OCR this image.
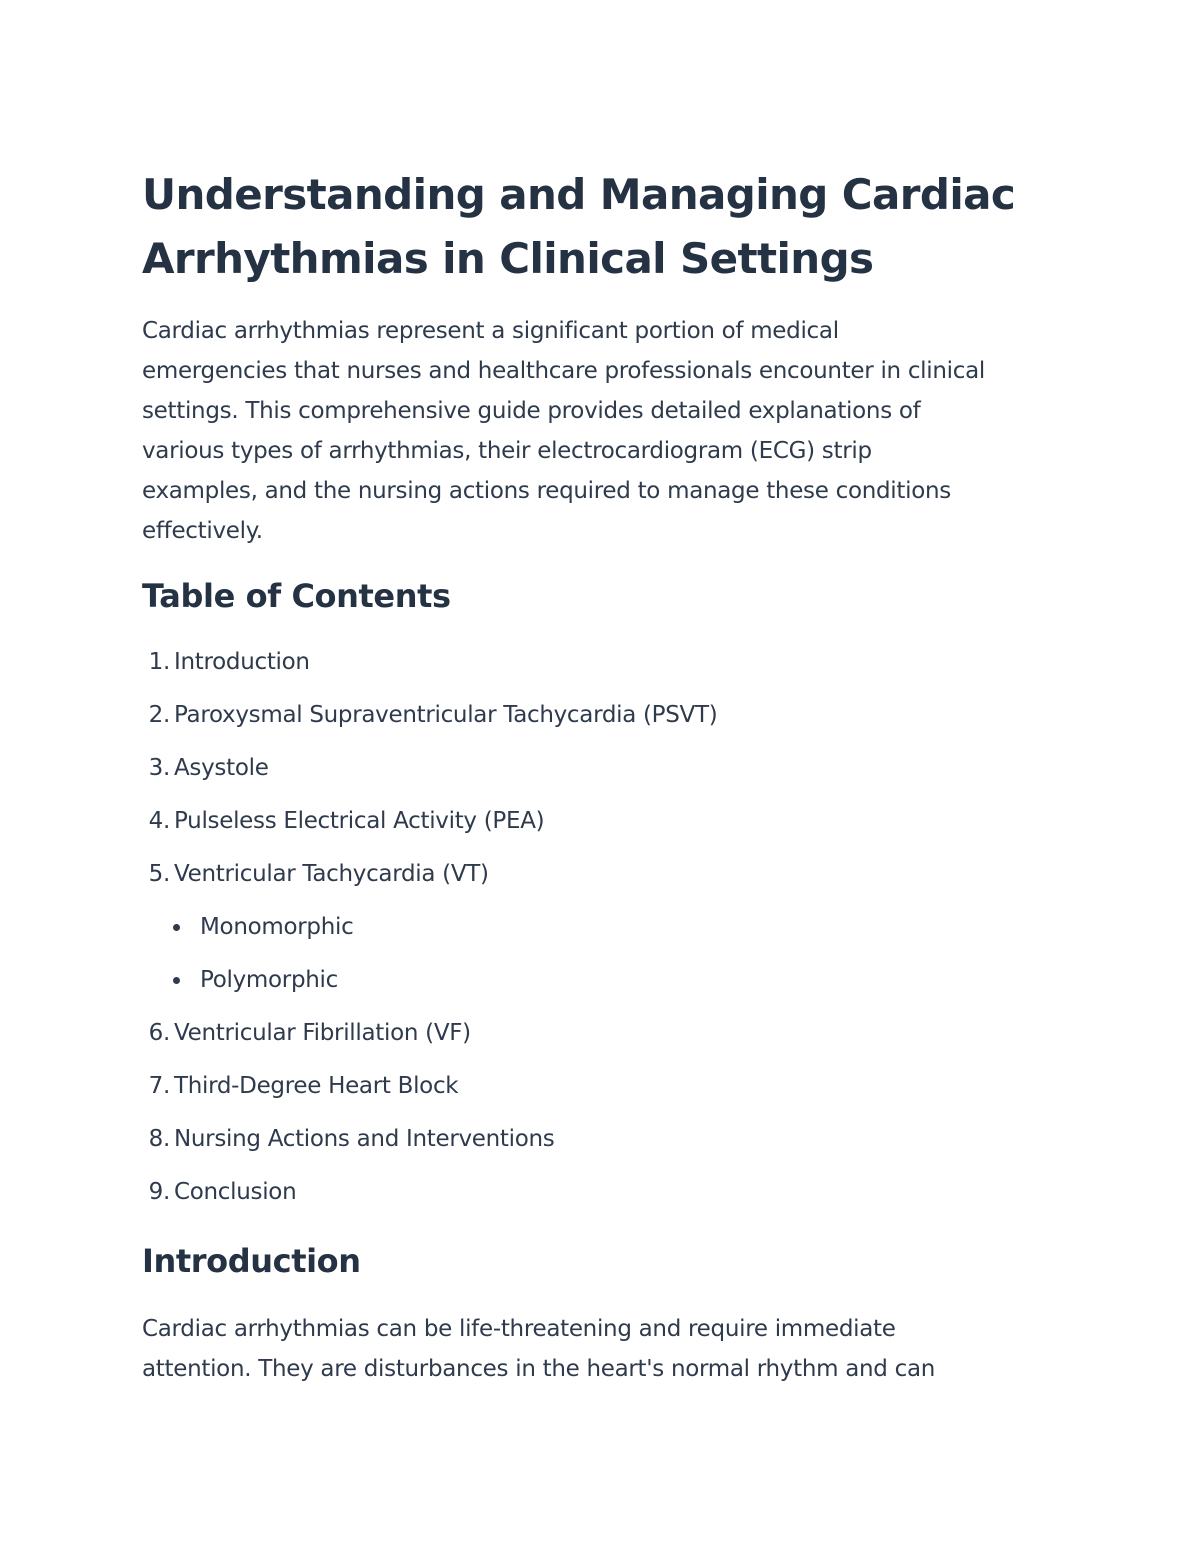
Understanding and Managing Cardiac
Arrhythmias in Clinical Settings

Cardiac arrhythmias represent a significant portion of medical
emergencies that nurses and healthcare professionals encounter in clinical
settings. This comprehensive guide provides detailed explanations of
various types of arrhythmias, their electrocardiogram (ECG) strip
examples, and the nursing actions required to manage these conditions
effectively.

Table of Contents
1. Introduction
2. Paroxysmal Supraventricular Tachycardia (PSVT)
3. Asystole
4. Pulseless Electrical Activity (PEA)
5. Ventricular Tachycardia (VT)
Monomorphic
Polymorphic
6. Ventricular Fibrillation (VF)
7. Third-Degree Heart Block
8. Nursing Actions and Interventions
9. Conclusion
Introduction

Cardiac arrhythmias can be life-threatening and require immediate
attention. They are disturbances in the heart's normal rhythm and can
